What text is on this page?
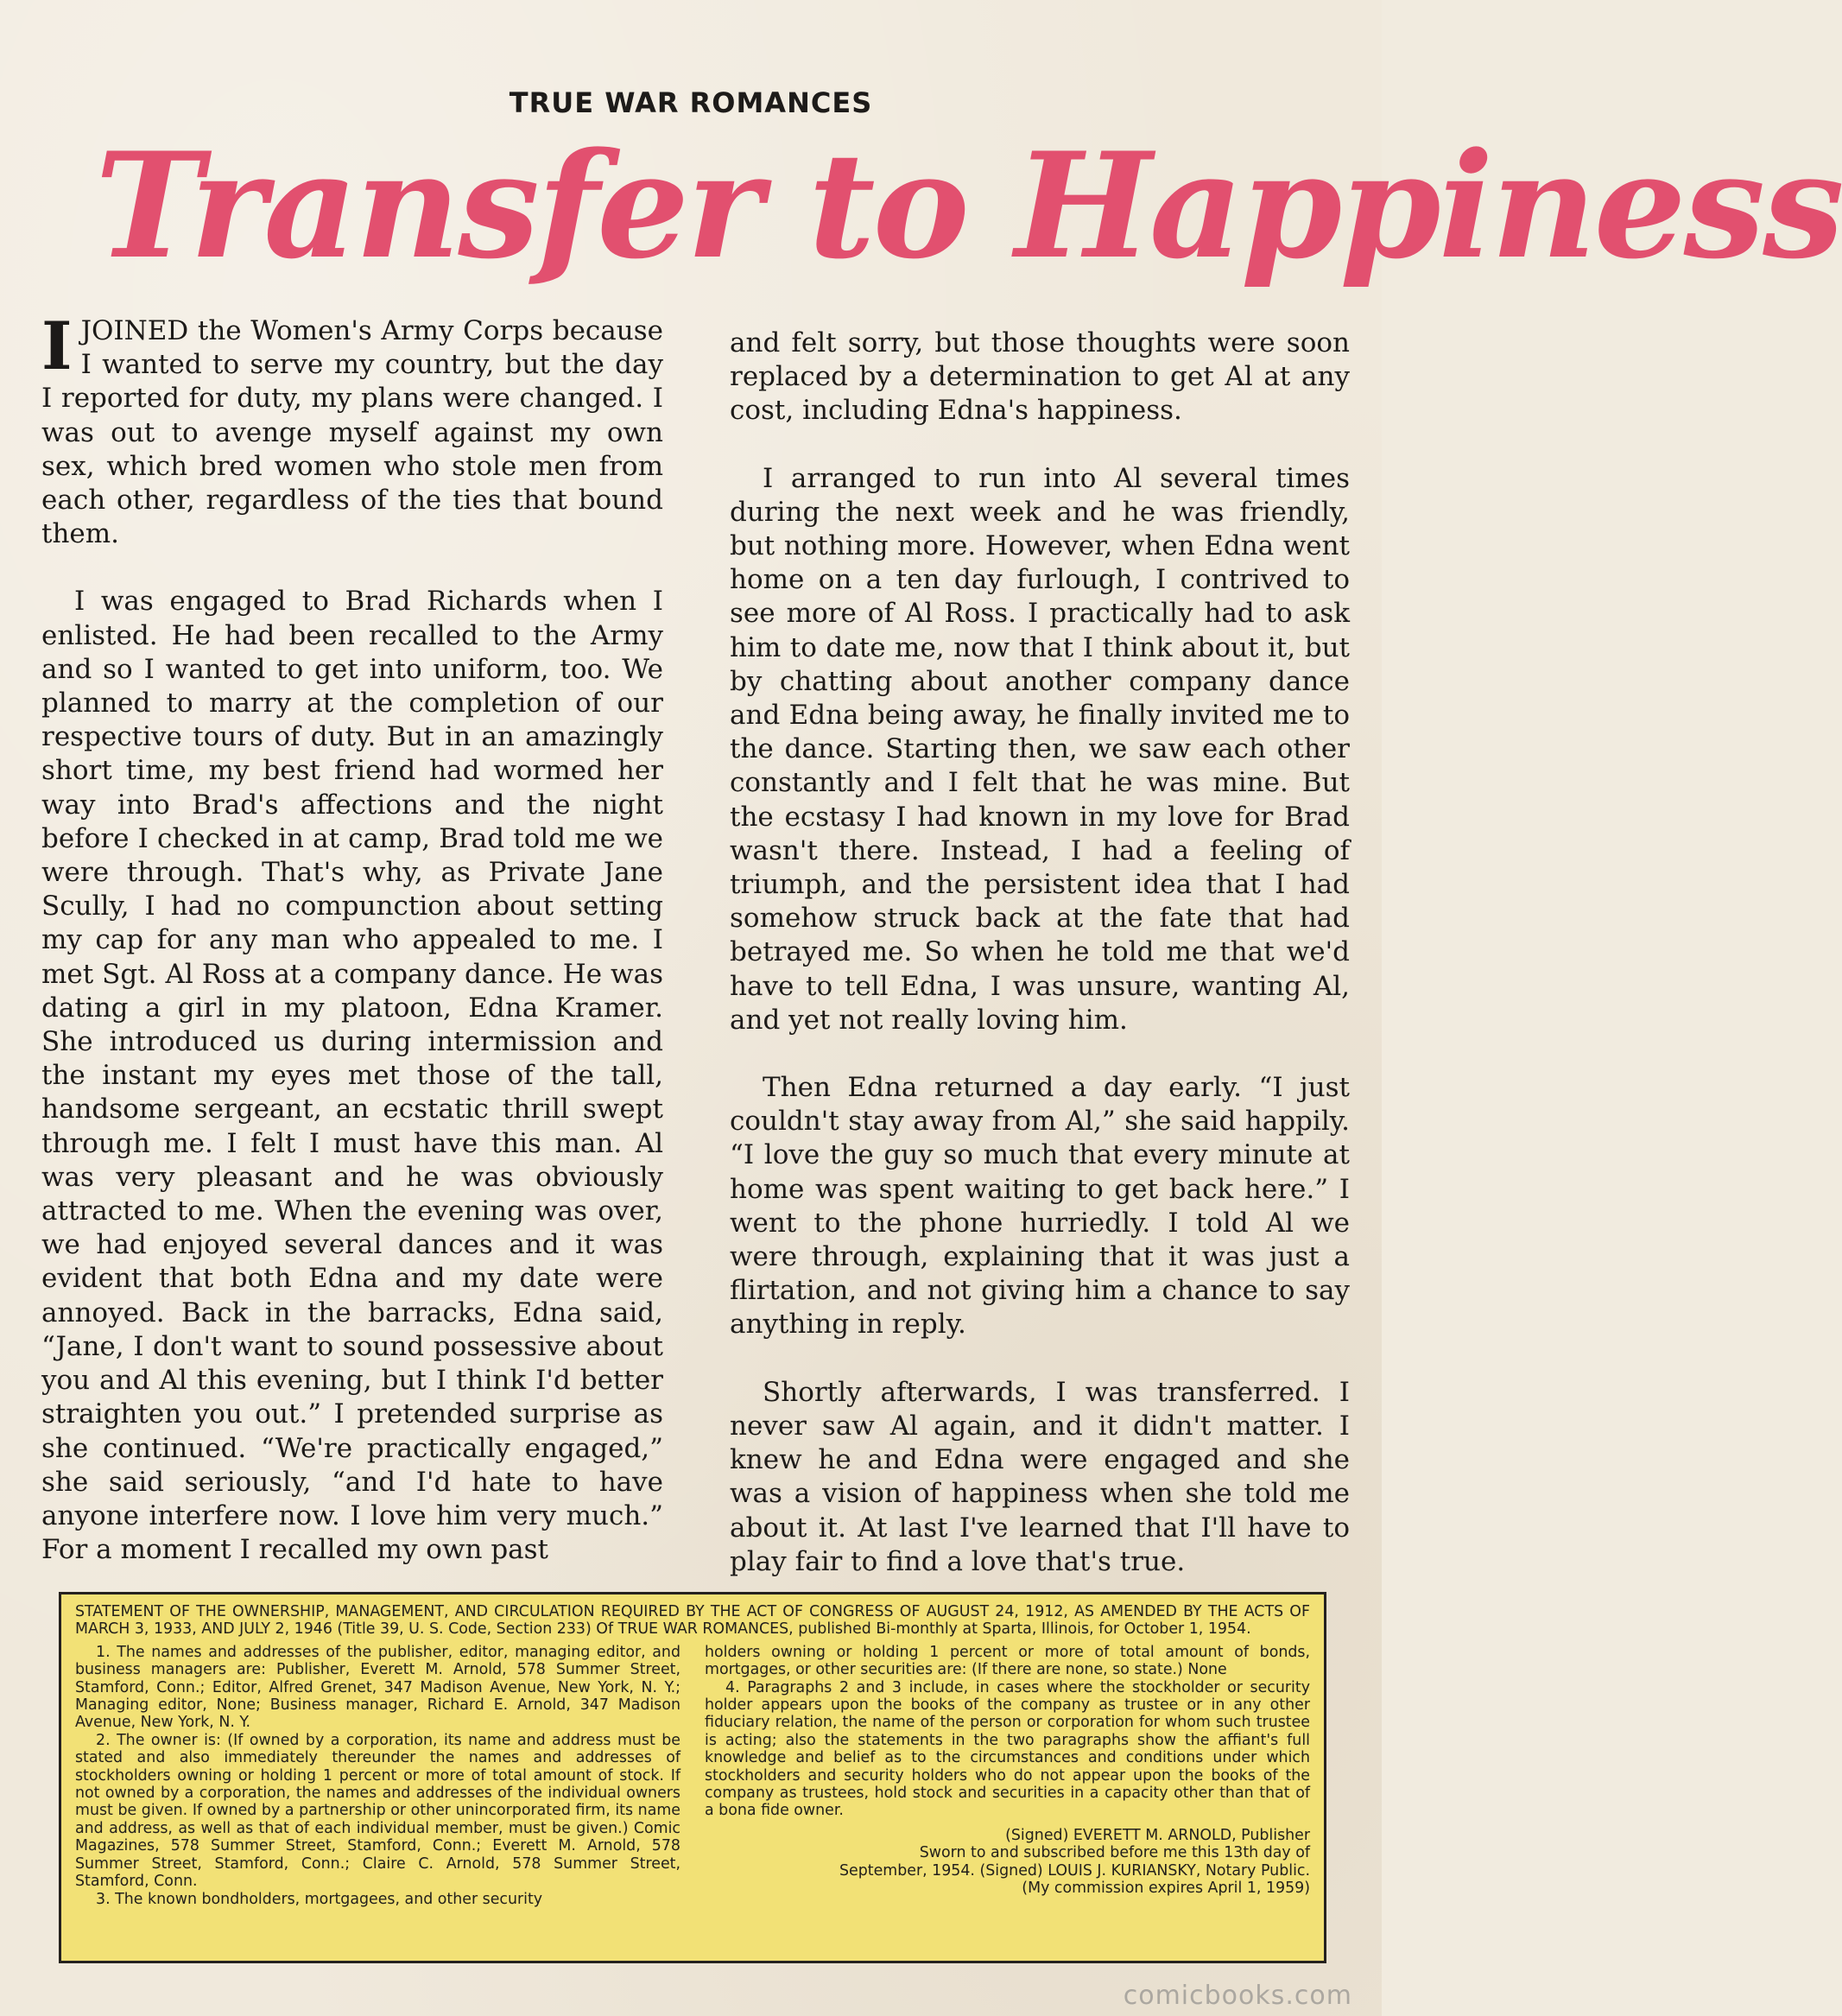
TRUE WAR ROMANCES
Transfer to Happiness

IJOINED the Women's Army Corps because I wanted to serve my country, but the day I reported for duty, my plans were changed. I was out to avenge myself against my own sex, which bred women who stole men from each other, regardless of the ties that bound them.

I was engaged to Brad Richards when I enlisted. He had been recalled to the Army and so I wanted to get into uniform, too. We planned to marry at the completion of our respective tours of duty. But in an amazingly short time, my best friend had wormed her way into Brad's affections and the night before I checked in at camp, Brad told me we were through. That's why, as Private Jane Scully, I had no compunction about setting my cap for any man who appealed to me. I met Sgt. Al Ross at a company dance. He was dating a girl in my platoon, Edna Kramer. She introduced us during intermission and the instant my eyes met those of the tall, handsome sergeant, an ecstatic thrill swept through me. I felt I must have this man. Al was very pleasant and he was obviously attracted to me. When the evening was over, we had enjoyed several dances and it was evident that both Edna and my date were annoyed. Back in the barracks, Edna said, “Jane, I don't want to sound possessive about you and Al this evening, but I think I'd better straighten you out.” I pretended surprise as she continued. “We're practically engaged,” she said seriously, “and I'd hate to have anyone interfere now. I love him very much.” For a moment I recalled my own past

and felt sorry, but those thoughts were soon replaced by a determination to get Al at any cost, including Edna's happiness.

I arranged to run into Al several times during the next week and he was friendly, but nothing more. However, when Edna went home on a ten day furlough, I contrived to see more of Al Ross. I practically had to ask him to date me, now that I think about it, but by chatting about another company dance and Edna being away, he finally invited me to the dance. Starting then, we saw each other constantly and I felt that he was mine. But the ecstasy I had known in my love for Brad wasn't there. Instead, I had a feeling of triumph, and the persistent idea that I had somehow struck back at the fate that had betrayed me. So when he told me that we'd have to tell Edna, I was unsure, wanting Al, and yet not really loving him.

Then Edna returned a day early. “I just couldn't stay away from Al,” she said happily. “I love the guy so much that every minute at home was spent waiting to get back here.” I went to the phone hurriedly. I told Al we were through, explaining that it was just a flirtation, and not giving him a chance to say anything in reply.

Shortly afterwards, I was transferred. I never saw Al again, and it didn't matter. I knew he and Edna were engaged and she was a vision of happiness when she told me about it. At last I've learned that I'll have to play fair to find a love that's true.

STATEMENT OF THE OWNERSHIP, MANAGEMENT, AND CIRCULATION REQUIRED BY THE ACT OF CONGRESS OF AUGUST 24, 1912, AS AMENDED BY THE ACTS OF MARCH 3, 1933, AND JULY 2, 1946 (Title 39, U. S. Code, Section 233) Of TRUE WAR ROMANCES, published Bi-monthly at Sparta, Illinois, for October 1, 1954.

1. The names and addresses of the publisher, editor, managing editor, and business managers are: Publisher, Everett M. Arnold, 578 Summer Street, Stamford, Conn.; Editor, Alfred Grenet, 347 Madison Avenue, New York, N. Y.; Managing editor, None; Business manager, Richard E. Arnold, 347 Madison Avenue, New York, N. Y.

2. The owner is: (If owned by a corporation, its name and address must be stated and also immediately thereunder the names and addresses of stockholders owning or holding 1 percent or more of total amount of stock. If not owned by a corporation, the names and addresses of the individual owners must be given. If owned by a partnership or other unincorporated firm, its name and address, as well as that of each individual member, must be given.) Comic Magazines, 578 Summer Street, Stamford, Conn.; Everett M. Arnold, 578 Summer Street, Stamford, Conn.; Claire C. Arnold, 578 Summer Street, Stamford, Conn.

3. The known bondholders, mortgagees, and other security

holders owning or holding 1 percent or more of total amount of bonds, mortgages, or other securities are: (If there are none, so state.) None

4. Paragraphs 2 and 3 include, in cases where the stockholder or security holder appears upon the books of the company as trustee or in any other fiduciary relation, the name of the person or corporation for whom such trustee is acting; also the statements in the two paragraphs show the affiant's full knowledge and belief as to the circumstances and conditions under which stockholders and security holders who do not appear upon the books of the company as trustees, hold stock and securities in a capacity other than that of a bona fide owner.

(Signed) EVERETT M. ARNOLD, Publisher

Sworn to and subscribed before me this 13th day of

September, 1954. (Signed) LOUIS J. KURIANSKY, Notary Public.

(My commission expires April 1, 1959)

comicbooks.com
